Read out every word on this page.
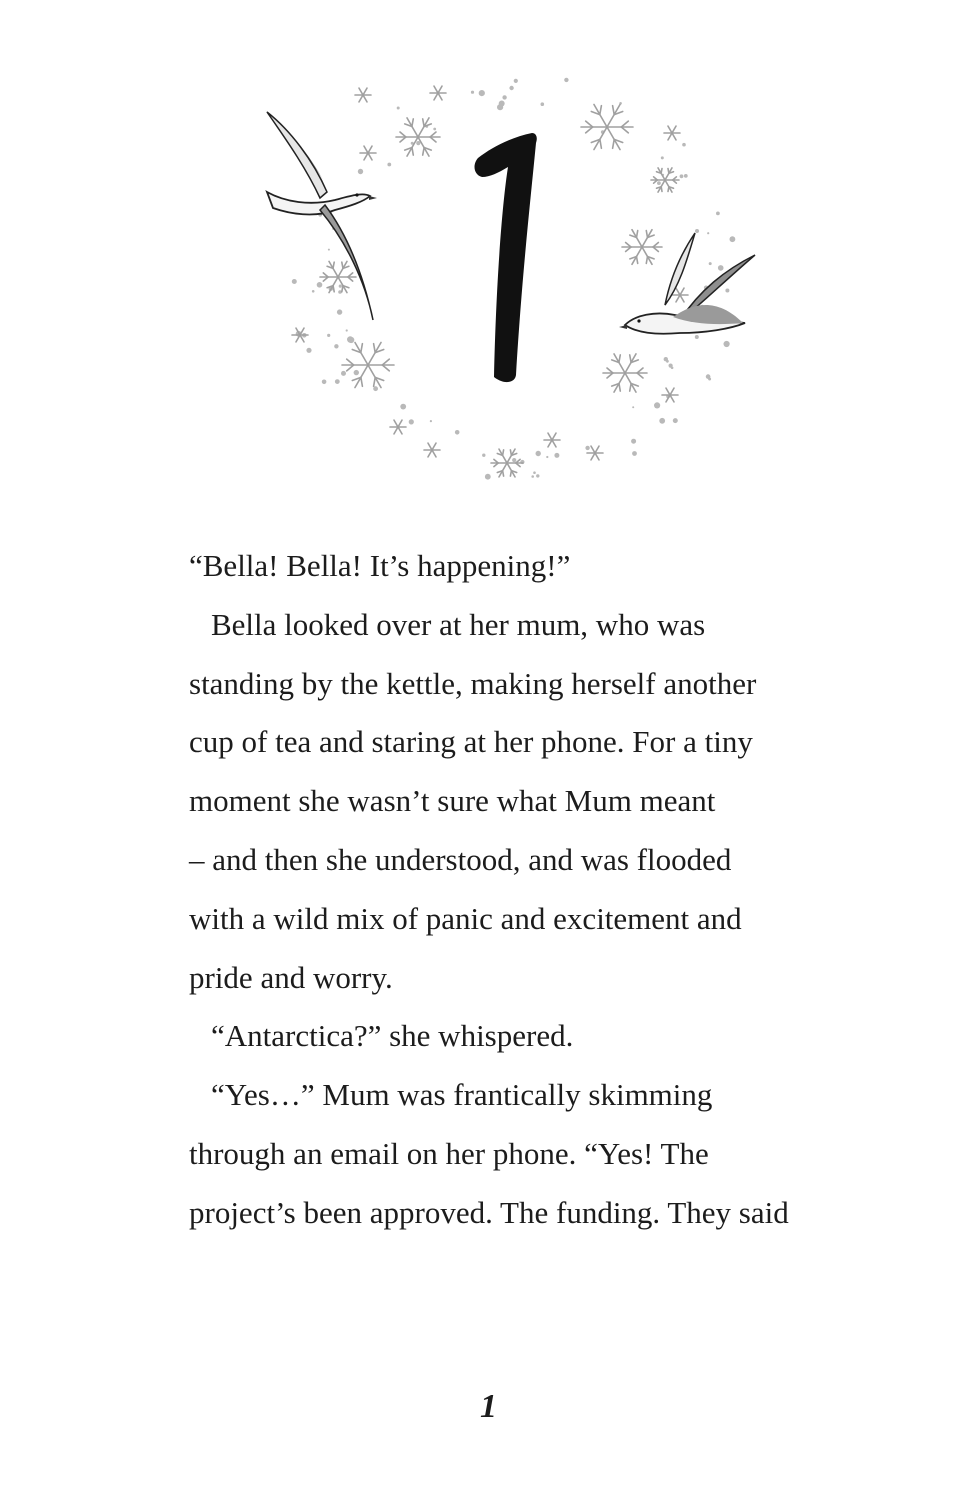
“Bella! Bella! It’s happening!”

Bella looked over at her mum, who was

standing by the kettle, making herself another

cup of tea and staring at her phone. For a tiny

moment she wasn’t sure what Mum meant

– and then she understood, and was flooded

with a wild mix of panic and excitement and

pride and worry.

“Antarctica?” she whispered.

“Yes…” Mum was frantically skimming

through an email on her phone. “Yes! The

project’s been approved. The funding. They said

1
